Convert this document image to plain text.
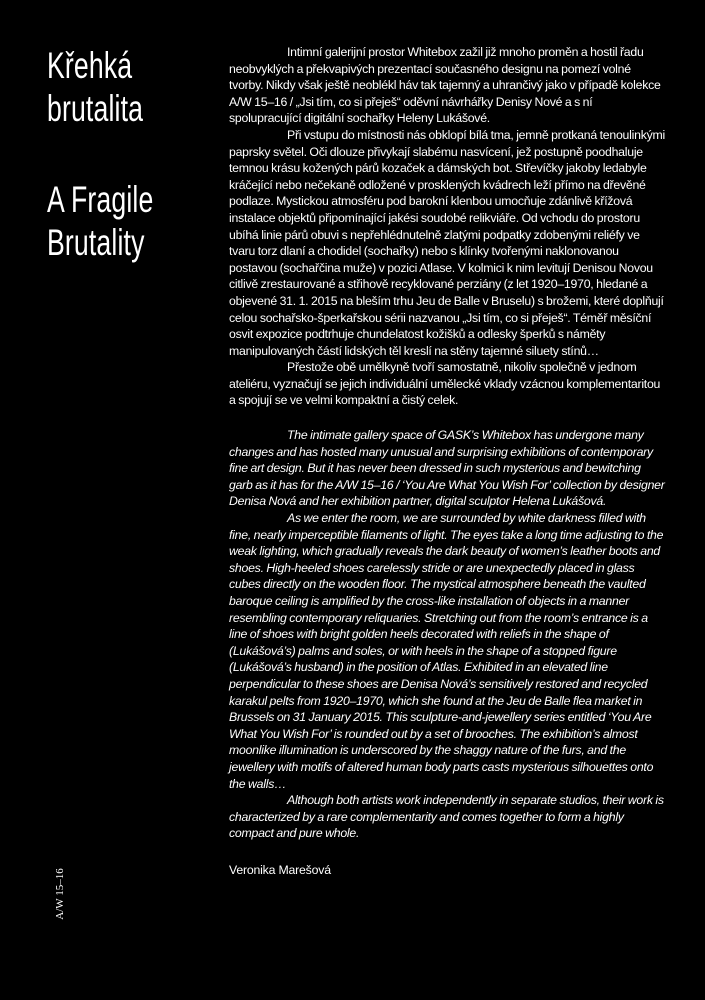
Křehká
brutalita
A Fragile
Brutality
A/W 15–16

Intimní galerijní prostor Whitebox zažil již mnoho proměn a hostil řadu neobvyklých a překvapivých prezentací současného designu na pomezí volné tvorby. Nikdy však ještě neoblékl háv tak tajemný a uhrančivý jako v případě kolekce A/W 15–16 / „Jsi tím, co si přeješ“ oděvní návrhářky Denisy Nové a s ní spolupracující digitální sochařky Heleny Lukášové.

Při vstupu do místnosti nás obklopí bílá tma, jemně protkaná tenoulinkými paprsky světel. Oči dlouze přivykají slabému nasvícení, jež postupně poodhaluje temnou krásu kožených párů kozaček a dámských bot. Střevíčky jakoby ledabyle kráčející nebo nečekaně odložené v prosklených kvádrech leží přímo na dřevěné podlaze. Mystickou atmosféru pod barokní klenbou umocňuje zdánlivě křížová instalace objektů připomínající jakési soudobé relikviáře. Od vchodu do prostoru ubíhá linie párů obuvi s nepřehlédnutelně zlatými podpatky zdobenými reliéfy ve tvaru torz dlaní a chodidel (sochařky) nebo s klínky tvořenými naklonovanou postavou (sochařčina muže) v pozici Atlase. V kolmici k nim levitují Denisou Novou citlivě zrestaurované a střihově recyklované perziány (z let 1920–1970, hledané a objevené 31. 1. 2015 na bleším trhu Jeu de Balle v Bruselu) s brožemi, které doplňují celou sochařsko-šperkařskou sérii nazvanou „Jsi tím, co si přeješ“. Téměř měsíční osvit expozice podtrhuje chundelatost kožišků a odlesky šperků s náměty manipulovaných částí lidských těl kreslí na stěny tajemné siluety stínů…

Přestože obě umělkyně tvoří samostatně, nikoliv společně v jednom ateliéru, vyznačují se jejich individuální umělecké vklady vzácnou komplementaritou a spojují se ve velmi kompaktní a čistý celek.

The intimate gallery space of GASK’s Whitebox has undergone many changes and has hosted many unusual and surprising exhibitions of contemporary fine art design. But it has never been dressed in such mysterious and bewitching garb as it has for the A/W 15–16 / ‘You Are What You Wish For’ collection by designer Denisa Nová and her exhibition partner, digital sculptor Helena Lukášová.

As we enter the room, we are surrounded by white darkness filled with fine, nearly imperceptible filaments of light. The eyes take a long time adjusting to the weak lighting, which gradually reveals the dark beauty of women’s leather boots and shoes. High-heeled shoes carelessly stride or are unexpectedly placed in glass cubes directly on the wooden floor. The mystical atmosphere beneath the vaulted baroque ceiling is amplified by the cross-like installation of objects in a manner resembling contemporary reliquaries. Stretching out from the room’s entrance is a line of shoes with bright golden heels decorated with reliefs in the shape of (Lukášová’s) palms and soles, or with heels in the shape of a stopped figure (Lukášová’s husband) in the position of Atlas. Exhibited in an elevated line perpendicular to these shoes are Denisa Nová’s sensitively restored and recycled karakul pelts from 1920–1970, which she found at the Jeu de Balle flea market in Brussels on 31 January 2015. This sculpture-and-jewellery series entitled ‘You Are What You Wish For’ is rounded out by a set of brooches. The exhibition’s almost moonlike illumination is underscored by the shaggy nature of the furs, and the jewellery with motifs of altered human body parts casts mysterious silhouettes onto the walls…

Although both artists work independently in separate studios, their work is characterized by a rare complementarity and comes together to form a highly compact and pure whole.

Veronika Marešová
